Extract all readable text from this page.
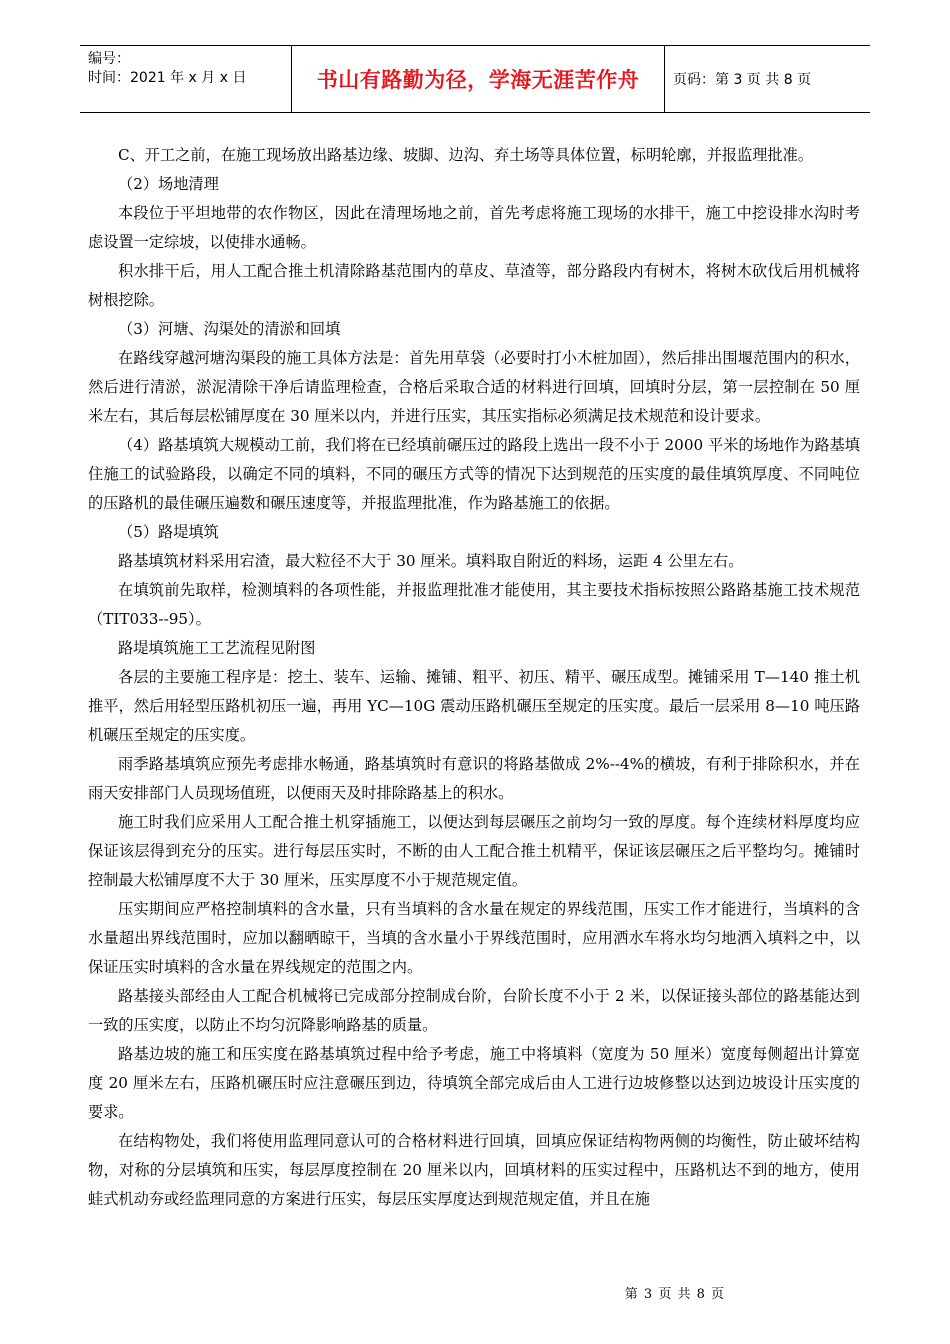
编号：
时间：2021 年 x 月 x 日	书山有路勤为径，学海无涯苦作舟	页码：第 3 页 共 8 页

C、开工之前，在施工现场放出路基边缘、坡脚、边沟、弃土场等具体位置，标明轮廓，并报监理批准。

（2）场地清理

本段位于平坦地带的农作物区，因此在清理场地之前，首先考虑将施工现场的水排干，施工中挖设排水沟时考虑设置一定综坡，以使排水通畅。

积水排干后，用人工配合推土机清除路基范围内的草皮、草渣等，部分路段内有树木，将树木砍伐后用机械将树根挖除。

（3）河塘、沟渠处的清淤和回填

在路线穿越河塘沟渠段的施工具体方法是：首先用草袋（必要时打小木桩加固），然后排出围堰范围内的积水，然后进行清淤，淤泥清除干净后请监理检查，合格后采取合适的材料进行回填，回填时分层，第一层控制在 50 厘米左右，其后每层松铺厚度在 30 厘米以内，并进行压实，其压实指标必须满足技术规范和设计要求。

（4）路基填筑大规模动工前，我们将在已经填前碾压过的路段上选出一段不小于 2000 平米的场地作为路基填住施工的试验路段，以确定不同的填料，不同的碾压方式等的情况下达到规范的压实度的最佳填筑厚度、不同吨位的压路机的最佳碾压遍数和碾压速度等，并报监理批准，作为路基施工的依据。

（5）路堤填筑

路基填筑材料采用宕渣，最大粒径不大于 30 厘米。填料取自附近的料场，运距 4 公里左右。

在填筑前先取样，检测填料的各项性能，并报监理批准才能使用，其主要技术指标按照公路路基施工技术规范（TIT033--95）。

路堤填筑施工工艺流程见附图

各层的主要施工程序是：挖土、装车、运输、摊铺、粗平、初压、精平、碾压成型。摊铺采用 T—140 推土机推平，然后用轻型压路机初压一遍，再用 YC—10G 震动压路机碾压至规定的压实度。最后一层采用 8—10 吨压路机碾压至规定的压实度。

雨季路基填筑应预先考虑排水畅通，路基填筑时有意识的将路基做成 2%--4%的横坡，有利于排除积水，并在雨天安排部门人员现场值班，以便雨天及时排除路基上的积水。

施工时我们应采用人工配合推土机穿插施工，以便达到每层碾压之前均匀一致的厚度。每个连续材料厚度均应保证该层得到充分的压实。进行每层压实时，不断的由人工配合推土机精平，保证该层碾压之后平整均匀。摊铺时控制最大松铺厚度不大于 30 厘米，压实厚度不小于规范规定值。

压实期间应严格控制填料的含水量，只有当填料的含水量在规定的界线范围，压实工作才能进行，当填料的含水量超出界线范围时，应加以翻晒晾干，当填的含水量小于界线范围时，应用洒水车将水均匀地洒入填料之中，以保证压实时填料的含水量在界线规定的范围之内。

路基接头部经由人工配合机械将已完成部分控制成台阶，台阶长度不小于 2 米，以保证接头部位的路基能达到一致的压实度，以防止不均匀沉降影响路基的质量。

路基边坡的施工和压实度在路基填筑过程中给予考虑，施工中将填料（宽度为 50 厘米）宽度每侧超出计算宽度 20 厘米左右，压路机碾压时应注意碾压到边，待填筑全部完成后由人工进行边坡修整以达到边坡设计压实度的要求。

在结构物处，我们将使用监理同意认可的合格材料进行回填，回填应保证结构物两侧的均衡性，防止破坏结构物，对称的分层填筑和压实，每层厚度控制在 20 厘米以内，回填材料的压实过程中，压路机达不到的地方，使用蛙式机动夯或经监理同意的方案进行压实，每层压实厚度达到规范规定值，并且在施

第 3 页 共 8 页
